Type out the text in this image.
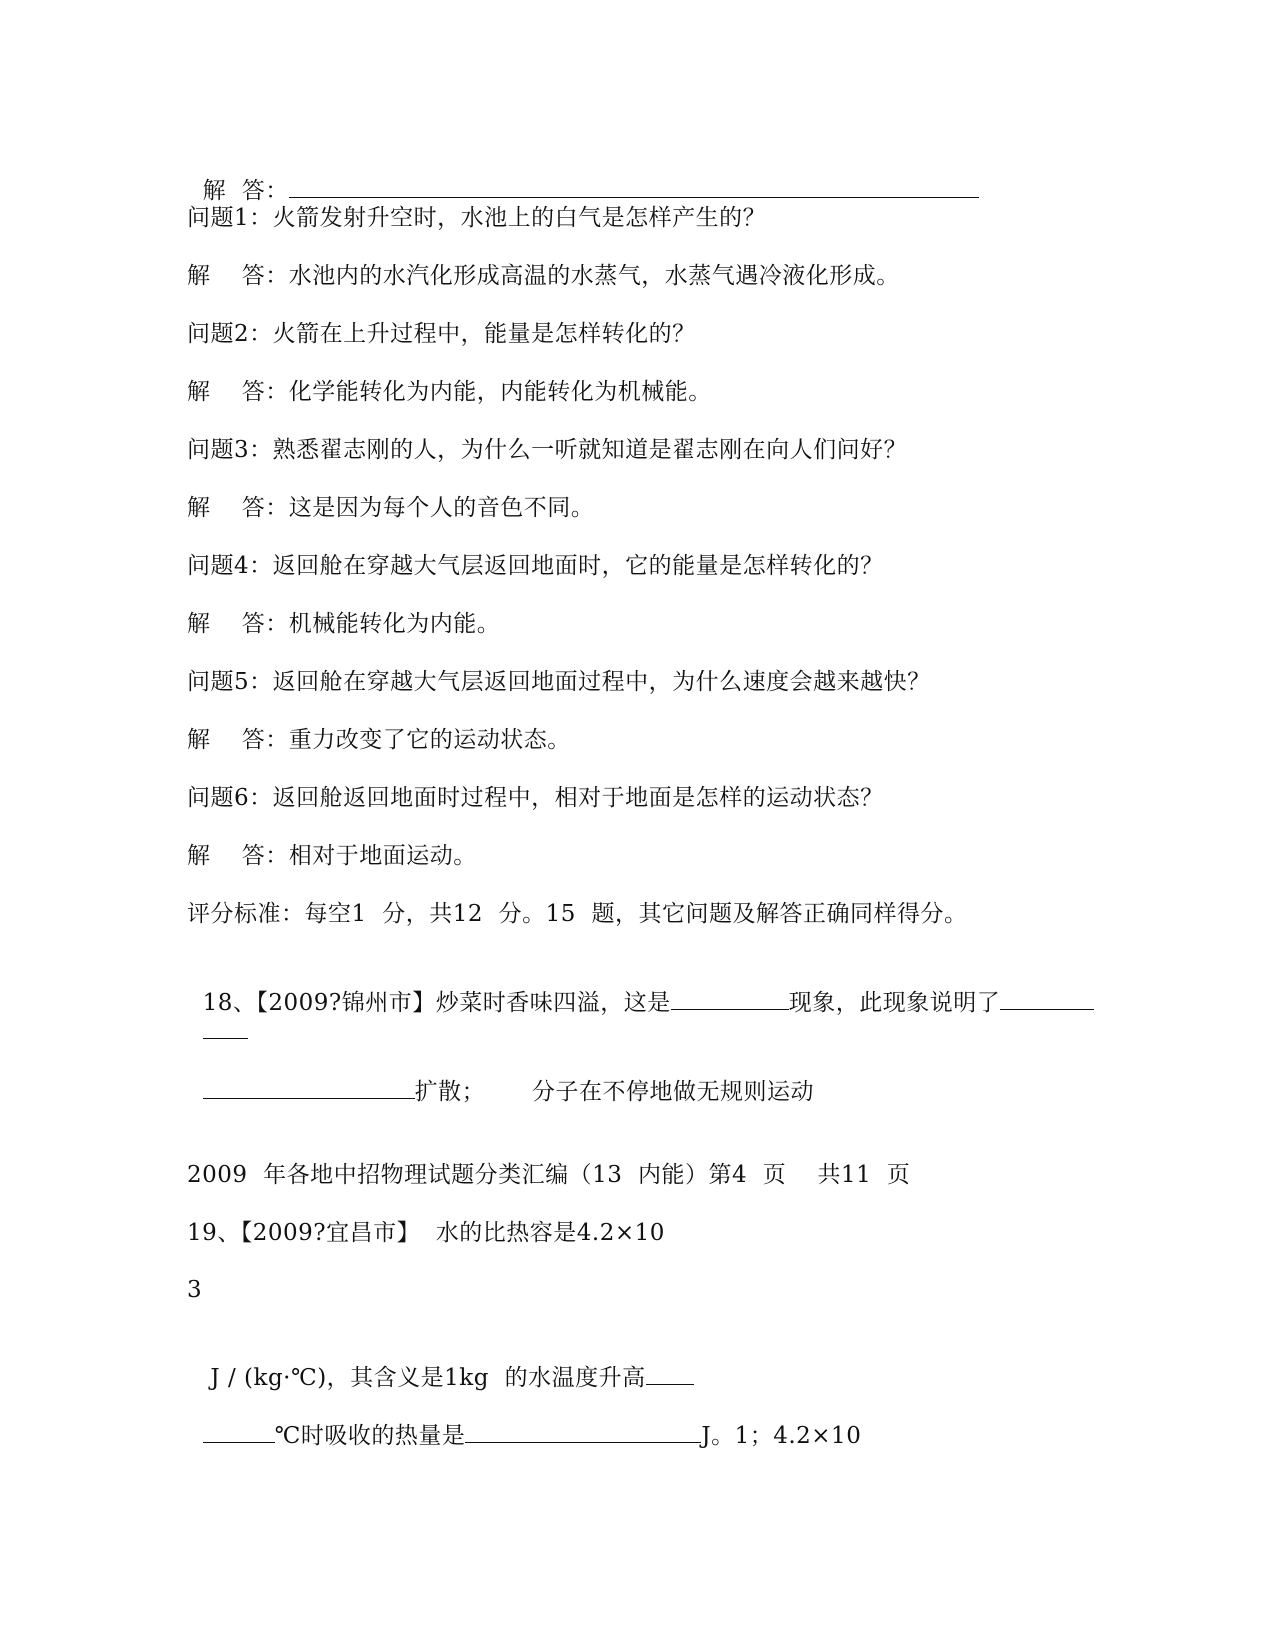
解  答：

问题1：火箭发射升空时，水池上的白气是怎样产生的？
解    答：水池内的水汽化形成高温的水蒸气，水蒸气遇冷液化形成。
问题2：火箭在上升过程中，能量是怎样转化的？
解    答：化学能转化为内能，内能转化为机械能。
问题3：熟悉翟志刚的人，为什么一听就知道是翟志刚在向人们问好？
解    答：这是因为每个人的音色不同。
问题4：返回舱在穿越大气层返回地面时，它的能量是怎样转化的？
解    答：机械能转化为内能。
问题5：返回舱在穿越大气层返回地面过程中，为什么速度会越来越快？
解    答：重力改变了它的运动状态。
问题6：返回舱返回地面时过程中，相对于地面是怎样的运动状态？
解    答：相对于地面运动。
评分标准：每空1  分，共12  分。15  题，其它问题及解答正确同样得分。

18、【2009?锦州市】炒菜时香味四溢，这是	现象，此现象说明了

扩散； 分子在不停地做无规则运动

2009  年各地中招物理试题分类汇编（13  内能）第4  页    共11  页
19、【2009?宜昌市】  水的比热容是4.2×10
3

J / (kg·℃)，其含义是1kg  的水温度升高

℃时吸收的热量是	J。1；4.2×10
